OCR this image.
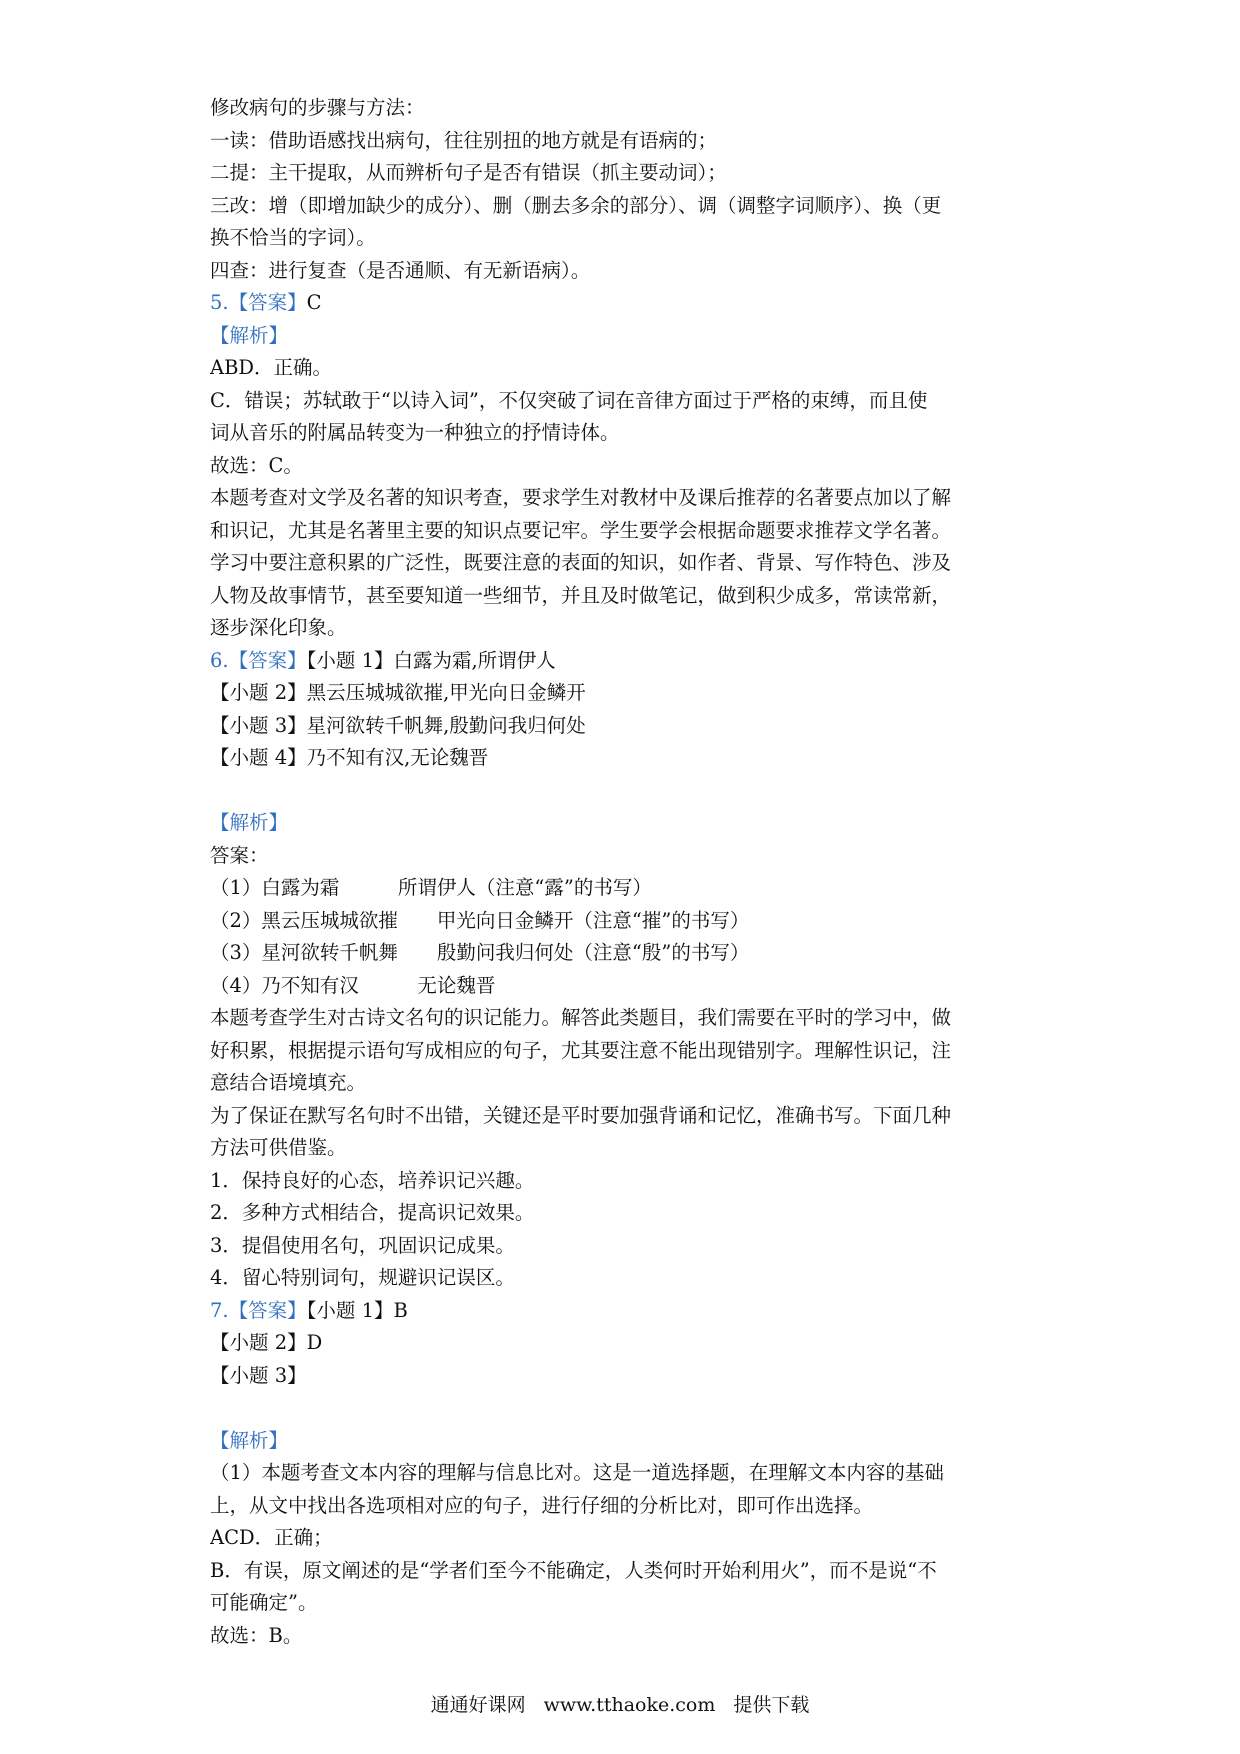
修改病句的步骤与方法：
一读：借助语感找出病句，往往别扭的地方就是有语病的；
二提：主干提取，从而辨析句子是否有错误（抓主要动词）；
三改：增（即增加缺少的成分）、删（删去多余的部分）、调（调整字词顺序）、换（更
换不恰当的字词）。
四查：进行复查（是否通顺、有无新语病）。
5.【答案】C
【解析】
ABD．正确。
C．错误；苏轼敢于“以诗入词”，不仅突破了词在音律方面过于严格的束缚，而且使
词从音乐的附属品转变为一种独立的抒情诗体。
故选：C。
本题考查对文学及名著的知识考查，要求学生对教材中及课后推荐的名著要点加以了解
和识记，尤其是名著里主要的知识点要记牢。学生要学会根据命题要求推荐文学名著。
学习中要注意积累的广泛性，既要注意的表面的知识，如作者、背景、写作特色、涉及
人物及故事情节，甚至要知道一些细节，并且及时做笔记，做到积少成多，常读常新，
逐步深化印象。
6.【答案】【小题 1】白露为霜,所谓伊人
【小题 2】黑云压城城欲摧,甲光向日金鳞开
【小题 3】星河欲转千帆舞,殷勤问我归何处
【小题 4】乃不知有汉,无论魏晋
【解析】
答案：
（1）白露为霜　　　所谓伊人（注意“露”的书写）
（2）黑云压城城欲摧　　甲光向日金鳞开（注意“摧”的书写）
（3）星河欲转千帆舞　　殷勤问我归何处（注意“殷”的书写）
（4）乃不知有汉　　　无论魏晋
本题考查学生对古诗文名句的识记能力。解答此类题目，我们需要在平时的学习中，做
好积累，根据提示语句写成相应的句子，尤其要注意不能出现错别字。理解性识记，注
意结合语境填充。
为了保证在默写名句时不出错，关键还是平时要加强背诵和记忆，准确书写。下面几种
方法可供借鉴。
1．保持良好的心态，培养识记兴趣。
2．多种方式相结合，提高识记效果。
3．提倡使用名句，巩固识记成果。
4．留心特别词句，规避识记误区。
7.【答案】【小题 1】B
【小题 2】D
【小题 3】
【解析】
（1）本题考查文本内容的理解与信息比对。这是一道选择题，在理解文本内容的基础
上，从文中找出各选项相对应的句子，进行仔细的分析比对，即可作出选择。
ACD．正确；
B．有误，原文阐述的是“学者们至今不能确定，人类何时开始利用火”，而不是说“不
可能确定”。
故选：B。
通通好课网 www.tthaoke.com 提供下载
